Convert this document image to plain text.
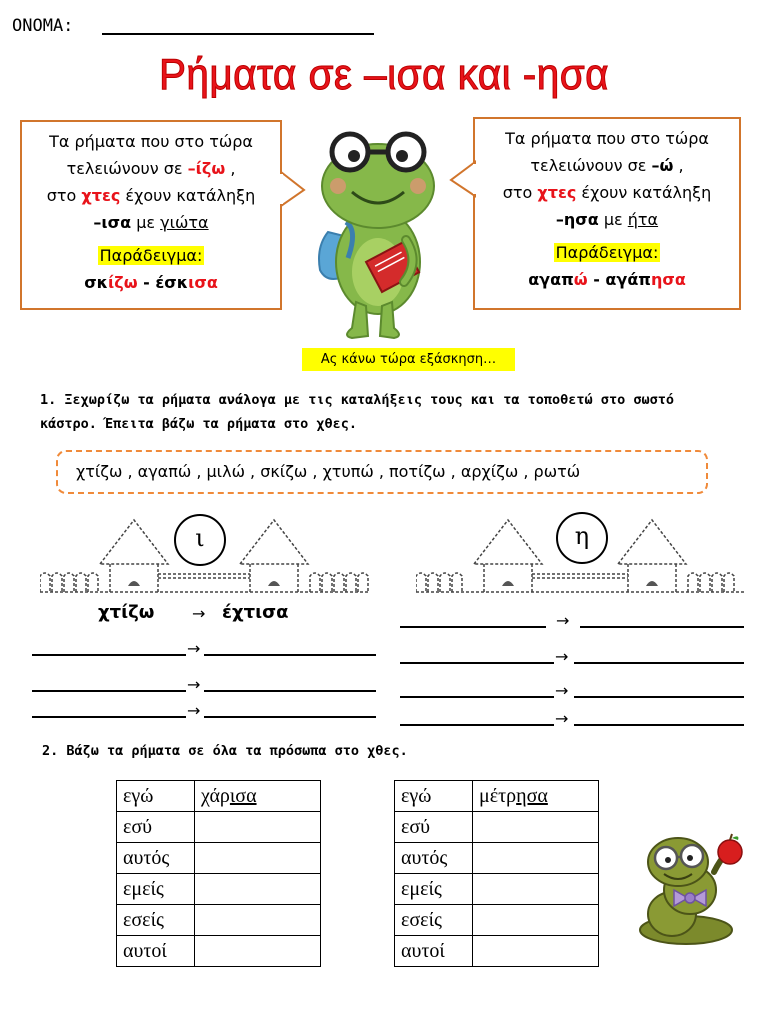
ΟΝΟΜΑ:
Ρήματα σε –ισα και -ησα
Τα ρήματα που στο τώρα
τελειώνουν σε –ίζω ,
στο χτες έχουν κατάληξη
–ισα με γιώτα
Παράδειγμα:
σκίζω - έσκισα
Τα ρήματα που στο τώρα
τελειώνουν σε –ώ ,
στο χτες έχουν κατάληξη
–ησα με ήτα
Παράδειγμα:
αγαπώ - αγάπησα
Ας κάνω τώρα εξάσκηση…
1. Ξεχωρίζω τα ρήματα ανάλογα με τις καταλήξεις τους και τα τοποθετώ στο σωστό κάστρο. Έπειτα βάζω τα ρήματα στο χθες.
χτίζω , αγαπώ , μιλώ , σκίζω , χτυπώ , ποτίζω , αρχίζω , ρωτώ
ι	η
χτίζω → έχτισα
→
→
→
→
→
→
→
2. Βάζω τα ρήματα σε όλα τα πρόσωπα στο χθες.
εγώ	χάρισα
εσύ	
αυτός	
εμείς	
εσείς	
αυτοί	
εγώ	μέτρησα
εσύ	
αυτός	
εμείς	
εσείς	
αυτοί	
